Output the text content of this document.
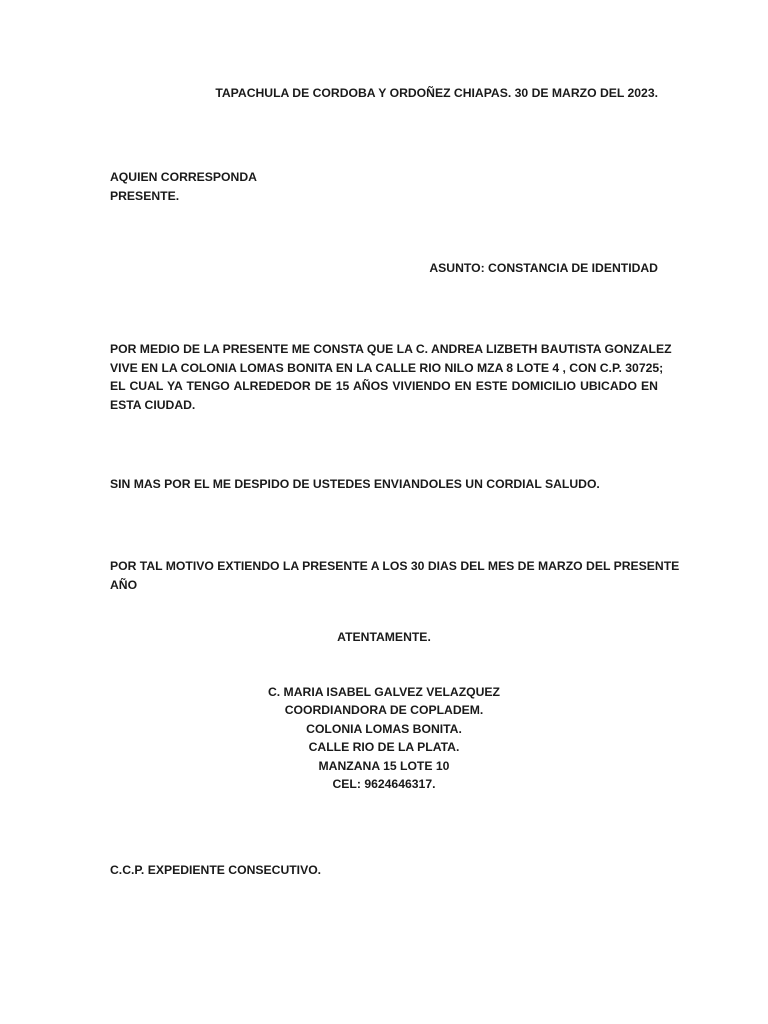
TAPACHULA DE CORDOBA Y ORDOÑEZ CHIAPAS. 30 DE MARZO DEL 2023.
AQUIEN CORRESPONDA
PRESENTE.
ASUNTO: CONSTANCIA DE IDENTIDAD
POR MEDIO DE LA PRESENTE ME CONSTA QUE LA C. ANDREA LIZBETH BAUTISTA GONZALEZ
VIVE EN LA COLONIA LOMAS BONITA EN LA CALLE RIO NILO MZA 8 LOTE 4 , CON C.P. 30725;
EL CUAL YA TENGO ALREDEDOR DE 15 AÑOS VIVIENDO EN ESTE DOMICILIO UBICADO EN
ESTA CIUDAD.
SIN MAS POR EL ME DESPIDO DE USTEDES ENVIANDOLES UN CORDIAL SALUDO.
POR TAL MOTIVO EXTIENDO LA PRESENTE A LOS 30 DIAS DEL MES DE MARZO DEL PRESENTE
AÑO
ATENTAMENTE.
C. MARIA ISABEL GALVEZ VELAZQUEZ
COORDIANDORA DE COPLADEM.
COLONIA LOMAS BONITA.
CALLE RIO DE LA PLATA.
MANZANA 15 LOTE 10
CEL: 9624646317.
C.C.P. EXPEDIENTE CONSECUTIVO.
